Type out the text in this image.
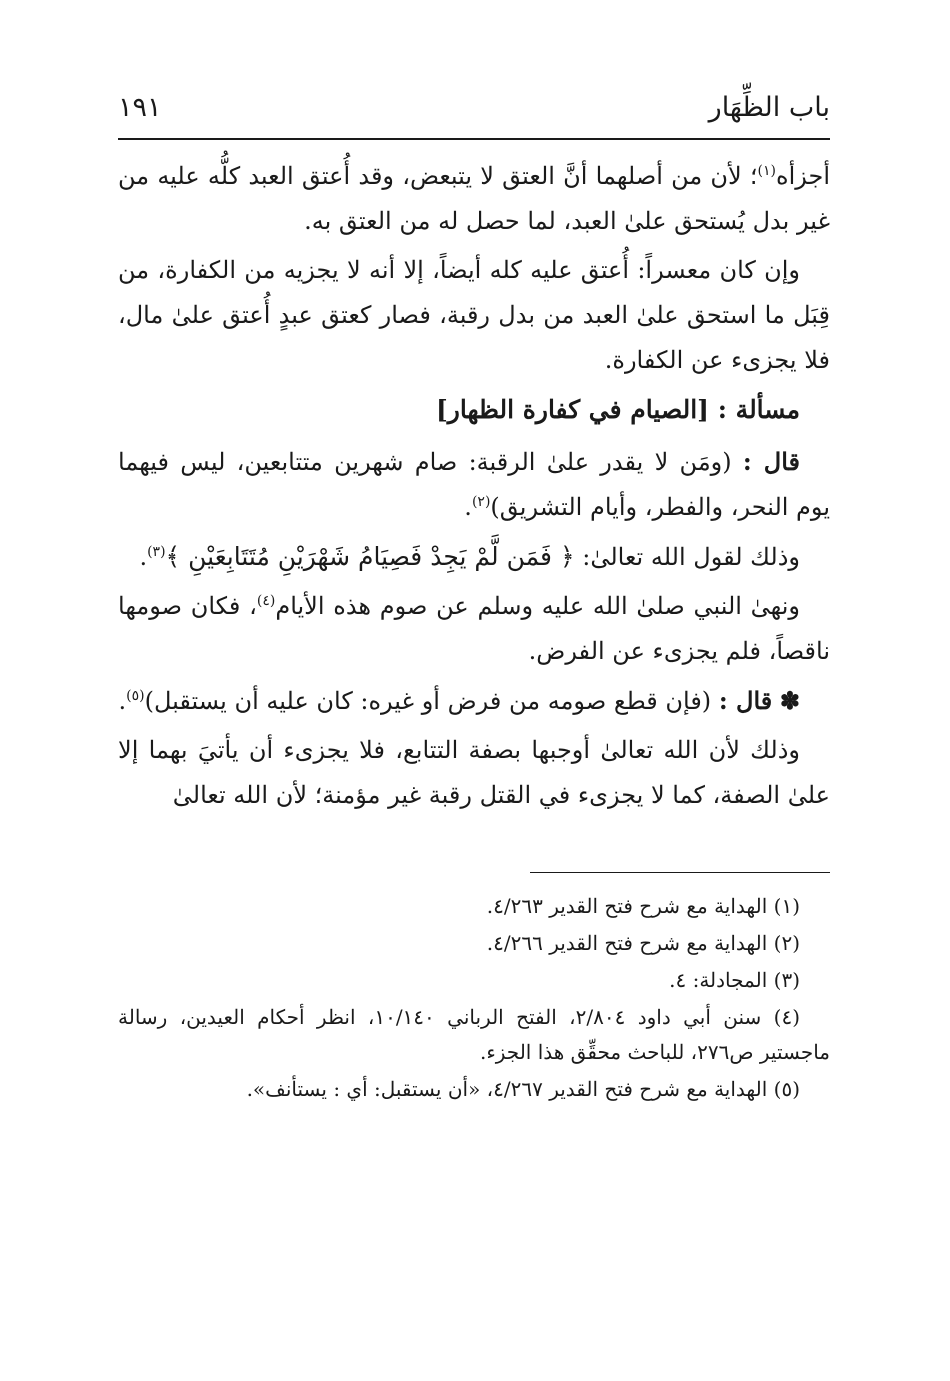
باب الظِّهَار
١٩١

أجزأه$^{(١)}$؛ لأن من أصلهما أنَّ العتق لا يتبعض، وقد أُعتق العبد كلُّه عليه من غير بدل يُستحق علىٰ العبد، لما حصل له من العتق به.

وإن كان معسراً: أُعتق عليه كله أيضاً، إلا أنه لا يجزيه من الكفارة، من قِبَل ما استحق علىٰ العبد من بدل رقبة، فصار كعتق عبدٍ أُعتق علىٰ مال، فلا يجزىء عن الكفارة.

مسألة : [الصيام في كفارة الظهار]

قال : (ومَن لا يقدر علىٰ الرقبة: صام شهرين متتابعين، ليس فيهما يوم النحر، والفطر، وأيام التشريق)$^{(٢)}$.

وذلك لقول الله تعالىٰ: ﴿ فَمَن لَّمْ يَجِدْ فَصِيَامُ شَهْرَيْنِ مُتَتَابِعَيْنِ ﴾$^{(٣)}$.

ونهىٰ النبي صلىٰ الله عليه وسلم عن صوم هذه الأيام$^{(٤)}$، فكان صومها ناقصاً، فلم يجزىء عن الفرض.

✽ قال : (فإن قطع صومه من فرض أو غيره: كان عليه أن يستقبل)$^{(٥)}$.

وذلك لأن الله تعالىٰ أوجبها بصفة التتابع، فلا يجزىء أن يأتيَ بهما إلا علىٰ الصفة، كما لا يجزىء في القتل رقبة غير مؤمنة؛ لأن الله تعالىٰ

(١) الهداية مع شرح فتح القدير ٤/٢٦٣.

(٢) الهداية مع شرح فتح القدير ٤/٢٦٦.

(٣) المجادلة: ٤.

(٤) سنن أبي داود ٢/٨٠٤، الفتح الرباني ١٠/١٤٠، انظر أحكام العيدين، رسالة ماجستير ص٢٧٦، للباحث محقِّق هذا الجزء.

(٥) الهداية مع شرح فتح القدير ٤/٢٦٧، «أن يستقبل: أي : يستأنف».
